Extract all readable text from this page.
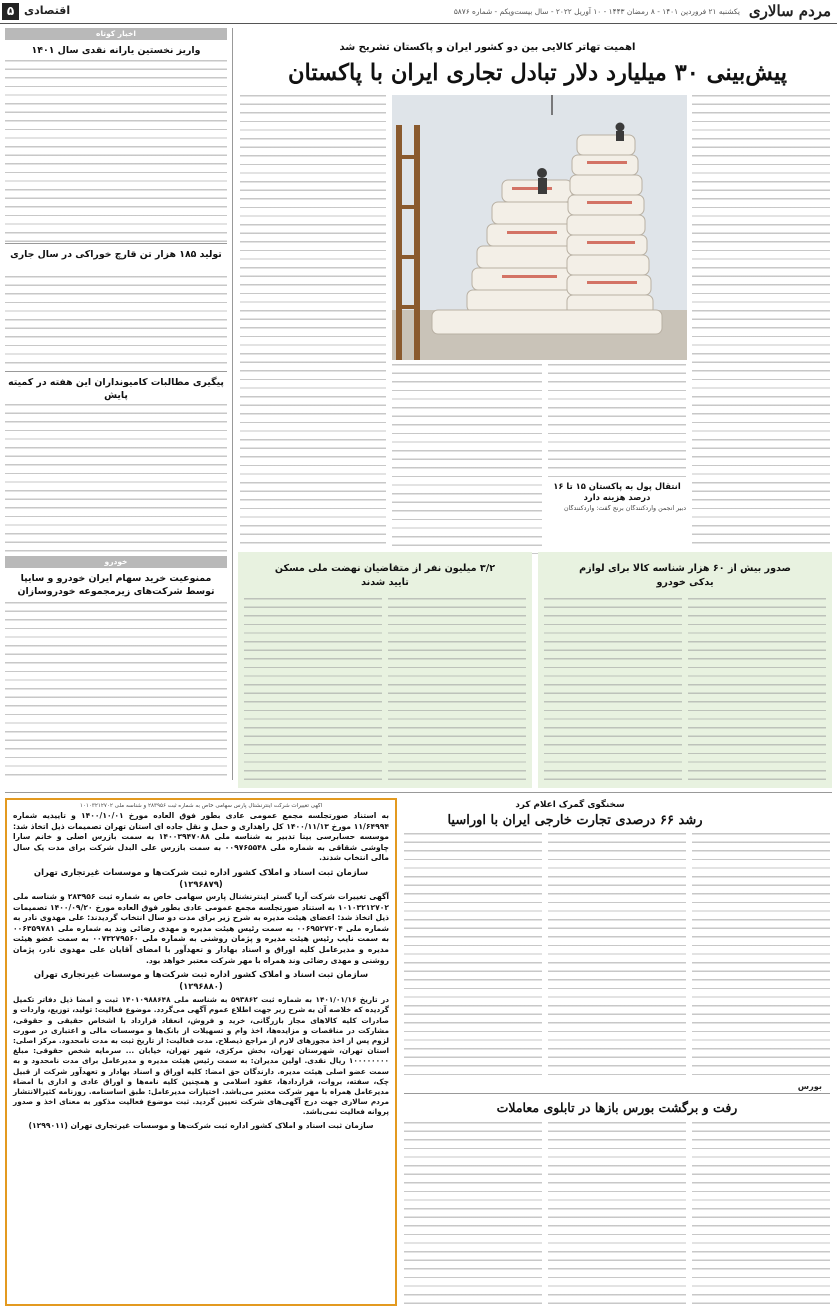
۵ اقتصادی	یکشنبه ۲۱ فروردین ۱۴۰۱ - ۸ رمضان ۱۴۴۳ - ۱۰ آوریل ۲۰۲۲ - سال بیست‌ویکم - شماره ۵۸۷۶ مردم سالاری
اهمیت تهاتر کالایی بین دو کشور ایران و پاکستان تشریح شد
پیش‌بینی ۳۰ میلیارد دلار تبادل تجاری ایران با پاکستان
انتقال پول به پاکستان ۱۵ تا ۱۶ درصد هزینه دارد
دبیر انجمن واردکنندگان برنج گفت: واردکنندگان
اخبار کوتاه
واریز نخستین یارانه نقدی سال ۱۴۰۱
تولید ۱۸۵ هزار تن قارچ خوراکی در سال جاری
پیگیری مطالبات کامیونداران این هفته در کمیته پایش
صدور بیش از ۶۰ هزار شناسه کالا برای لوازم یدکی خودرو
۳/۲ میلیون نفر از متقاضیان نهضت ملی مسکن تایید شدند
خودرو
ممنوعیت خرید سهام ایران خودرو و سایپا توسط شرکت‌های زیرمجموعه خودروسازان
سخنگوی گمرک اعلام کرد
رشد ۶۶ درصدی تجارت خارجی ایران با اوراسیا
بورس
رفت و برگشت بورس بازها در تابلوی معاملات
آگهی تغییرات شرکت اینترنشنال پارس سهامی خاص به شماره ثبت ۲۸۳۹۵۶ و شناسه ملی ۱۰۱۰۳۲۱۲۷۰۲
به استناد صورتجلسه مجمع عمومی عادی بطور فوق العاده مورخ ۱۴۰۰/۱۰/۰۱ و تاییدیه شماره ۱۱/۶۴۹۹۴ مورخ ۱۴۰۰/۱۱/۱۳ کل راهداری و حمل و نقل جاده ای استان تهران تصمیمات ذیل اتخاذ شد: موسسه حسابرسی بینا تدبیر به شناسه ملی ۱۴۰۰۳۹۴۷۰۸۸ به سمت بازرس اصلی و خانم سارا چاوشی شقاقی به شماره ملی ۰۰۹۷۶۵۵۴۸ به سمت بازرس علی البدل شرکت برای مدت یک سال مالی انتخاب شدند.
سازمان ثبت اسناد و املاک کشور اداره ثبت شرکت‌ها و موسسات غیرتجاری تهران (۱۲۹۶۸۷۹)
آگهی تغییرات شرکت آریا گستر اینترنشنال پارس سهامی خاص به شماره ثبت ۲۸۳۹۵۶ و شناسه ملی ۱۰۱۰۳۲۱۲۷۰۲ به استناد صورتجلسه مجمع عمومی عادی بطور فوق العاده مورخ ۱۴۰۰/۰۹/۲۰ تصمیمات ذیل اتخاذ شد: اعضای هیئت مدیره به شرح زیر برای مدت دو سال انتخاب گردیدند: علی مهدوی نادر به شماره ملی ۰۰۶۹۵۲۷۲۰۴ به سمت رئیس هیئت مدیره و مهدی رضائی وند به شماره ملی ۰۰۶۳۵۹۷۸۱ به سمت نایب رئیس هیئت مدیره و پژمان روشنی به شماره ملی ۰۰۷۳۲۷۹۵۶۰ به سمت عضو هیئت مدیره و مدیرعامل کلیه اوراق و اسناد بهادار و تعهدآور با امضای آقایان علی مهدوی نادر، پژمان روشنی و مهدی رضائی وند همراه با مهر شرکت معتبر خواهد بود.
سازمان ثبت اسناد و املاک کشور اداره ثبت شرکت‌ها و موسسات غیرتجاری تهران (۱۲۹۶۸۸۰)
در تاریخ ۱۴۰۱/۰۱/۱۶ به شماره ثبت ۵۹۳۸۶۲ به شناسه ملی ۱۴۰۱۰۹۸۸۶۴۸ ثبت و امضا ذیل دفاتر تکمیل گردیده که خلاصه آن به شرح زیر جهت اطلاع عموم آگهی می‌گردد. موضوع فعالیت: تولید، توزیع، واردات و صادرات کلیه کالاهای مجاز بازرگانی، خرید و فروش، انعقاد قرارداد با اشخاص حقیقی و حقوقی، مشارکت در مناقصات و مزایده‌ها، اخذ وام و تسهیلات از بانک‌ها و موسسات مالی و اعتباری در صورت لزوم پس از اخذ مجوزهای لازم از مراجع ذیصلاح. مدت فعالیت: از تاریخ ثبت به مدت نامحدود. مرکز اصلی: استان تهران، شهرستان تهران، بخش مرکزی، شهر تهران، خیابان ... سرمایه شخص حقوقی: مبلغ ۱۰۰۰۰۰۰۰۰ ریال نقدی. اولین مدیران: به سمت رئیس هیئت مدیره و مدیرعامل برای مدت نامحدود و به سمت عضو اصلی هیئت مدیره. دارندگان حق امضا: کلیه اوراق و اسناد بهادار و تعهدآور شرکت از قبیل چک، سفته، بروات، قراردادها، عقود اسلامی و همچنین کلیه نامه‌ها و اوراق عادی و اداری با امضاء مدیرعامل همراه با مهر شرکت معتبر می‌باشد. اختیارات مدیرعامل: طبق اساسنامه. روزنامه کثیرالانتشار مردم سالاری جهت درج آگهی‌های شرکت تعیین گردید. ثبت موضوع فعالیت مذکور به معنای اخذ و صدور پروانه فعالیت نمی‌باشد.
سازمان ثبت اسناد و املاک کشور اداره ثبت شرکت‌ها و موسسات غیرتجاری تهران (۱۲۹۹۰۱۱)
